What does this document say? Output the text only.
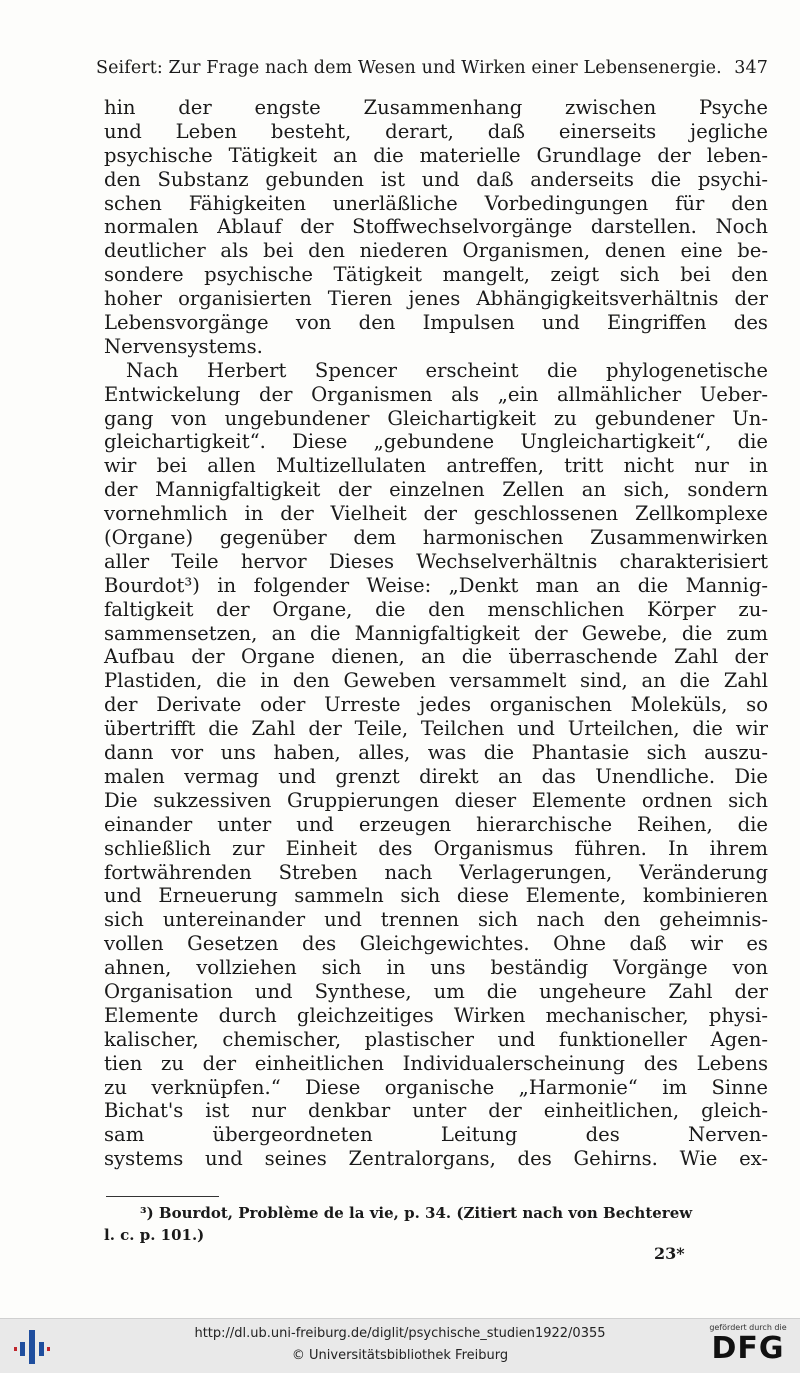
Seifert: Zur Frage nach dem Wesen und Wirken einer Lebensenergie. 347
hin der engste Zusammenhang zwischen Psyche
und Leben besteht, derart, daß einerseits jegliche
psychische Tätigkeit an die materielle Grundlage der leben-
den Substanz gebunden ist und daß anderseits die psychi-
schen Fähigkeiten unerläßliche Vorbedingungen für den
normalen Ablauf der Stoffwechselvorgänge darstellen. Noch
deutlicher als bei den niederen Organismen, denen eine be-
sondere psychische Tätigkeit mangelt, zeigt sich bei den
hoher organisierten Tieren jenes Abhängigkeitsverhältnis der
Lebensvorgänge von den Impulsen und Eingriffen des
Nervensystems.
Nach Herbert Spencer erscheint die phylogenetische
Entwickelung der Organismen als „ein allmählicher Ueber-
gang von ungebundener Gleichartigkeit zu gebundener Un-
gleichartigkeit“. Diese „gebundene Ungleichartigkeit“, die
wir bei allen Multizellulaten antreffen, tritt nicht nur in
der Mannigfaltigkeit der einzelnen Zellen an sich, sondern
vornehmlich in der Vielheit der geschlossenen Zellkomplexe
(Organe) gegenüber dem harmonischen Zusammenwirken
aller Teile hervor Dieses Wechselverhältnis charakterisiert
Bourdot³) in folgender Weise: „Denkt man an die Mannig-
faltigkeit der Organe, die den menschlichen Körper zu-
sammensetzen, an die Mannigfaltigkeit der Gewebe, die zum
Aufbau der Organe dienen, an die überraschende Zahl der
Plastiden, die in den Geweben versammelt sind, an die Zahl
der Derivate oder Urreste jedes organischen Moleküls, so
übertrifft die Zahl der Teile, Teilchen und Urteilchen, die wir
dann vor uns haben, alles, was die Phantasie sich auszu-
malen vermag und grenzt direkt an das Unendliche. Die
Die sukzessiven Gruppierungen dieser Elemente ordnen sich
einander unter und erzeugen hierarchische Reihen, die
schließlich zur Einheit des Organismus führen. In ihrem
fortwährenden Streben nach Verlagerungen, Veränderung
und Erneuerung sammeln sich diese Elemente, kombinieren
sich untereinander und trennen sich nach den geheimnis-
vollen Gesetzen des Gleichgewichtes. Ohne daß wir es
ahnen, vollziehen sich in uns beständig Vorgänge von
Organisation und Synthese, um die ungeheure Zahl der
Elemente durch gleichzeitiges Wirken mechanischer, physi-
kalischer, chemischer, plastischer und funktioneller Agen-
tien zu der einheitlichen Individualerscheinung des Lebens
zu verknüpfen.“ Diese organische „Harmonie“ im Sinne
Bichat's ist nur denkbar unter der einheitlichen, gleich-
sam übergeordneten Leitung des Nerven-
systems und seines Zentralorgans, des Gehirns. Wie ex-
³) Bourdot, Problème de la vie, p. 34. (Zitiert nach von Bechterew
l. c. p. 101.)
23*
http://dl.ub.uni-freiburg.de/diglit/psychische_studien1922/0355
© Universitätsbibliothek Freiburg
gefördert durch die
DFG
